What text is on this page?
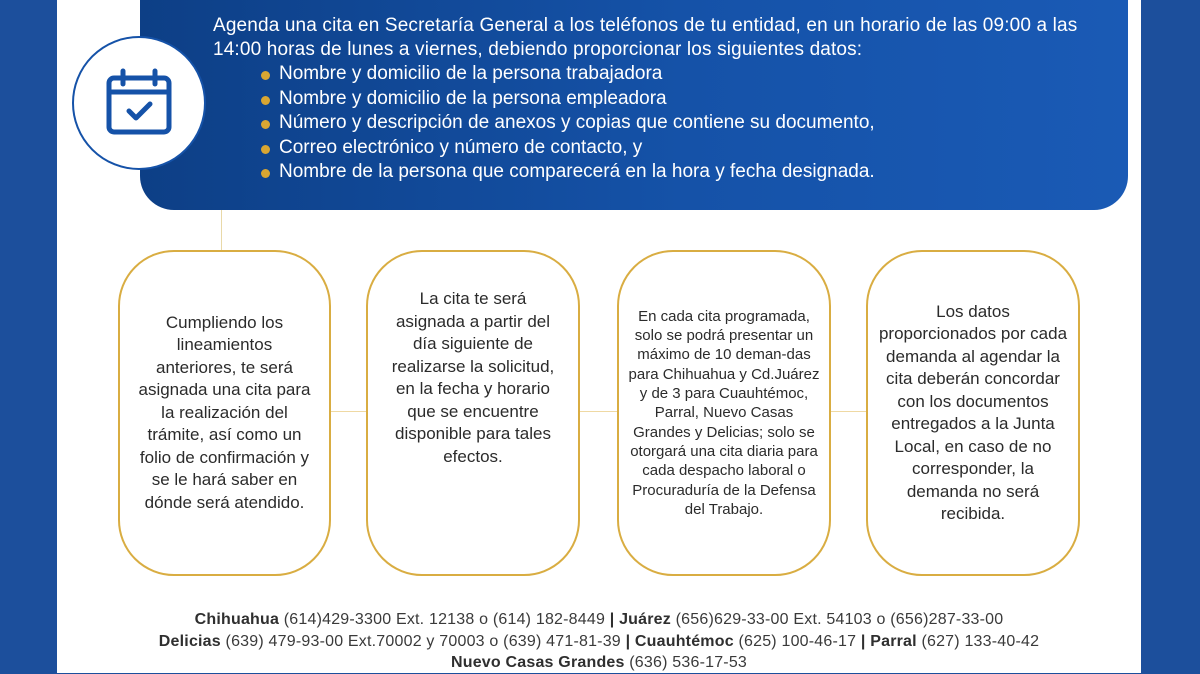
Agenda una cita en Secretaría General a los teléfonos de tu entidad, en un horario de las 09:00 a las 14:00 horas de lunes a viernes, debiendo proporcionar los siguientes datos:

Nombre y domicilio de la persona trabajadora
Nombre y domicilio de la persona empleadora
Número y descripción de anexos y copias que contiene su documento,
Correo electrónico y número de contacto, y
Nombre de la persona que comparecerá en la hora y fecha designada.

Cumpliendo los lineamientos anteriores, te será asignada una cita para la realización del trámite, así como un folio de confirmación y se le hará saber en dónde será atendido.

La cita te será asignada a partir del día siguiente de realizarse la solicitud, en la fecha y horario que se encuentre disponible para tales efectos.

En cada cita programada, solo se podrá presentar un máximo de 10 deman-das para Chihuahua y Cd.Juárez y de 3 para Cuauhtémoc, Parral, Nuevo Casas Grandes y Delicias; solo se otorgará una cita diaria para cada despacho laboral o Procuraduría de la Defensa del Trabajo.

Los datos proporcionados por cada demanda al agendar la cita deberán concordar con los documentos entregados a la Junta Local, en caso de no corresponder, la demanda no será recibida.

Chihuahua (614)429-3300 Ext. 12138 o (614) 182-8449 | Juárez (656)629-33-00 Ext. 54103 o (656)287-33-00
Delicias (639) 479-93-00 Ext.70002 y 70003 o (639) 471-81-39 | Cuauhtémoc (625) 100-46-17 | Parral (627) 133-40-42
Nuevo Casas Grandes (636) 536-17-53
